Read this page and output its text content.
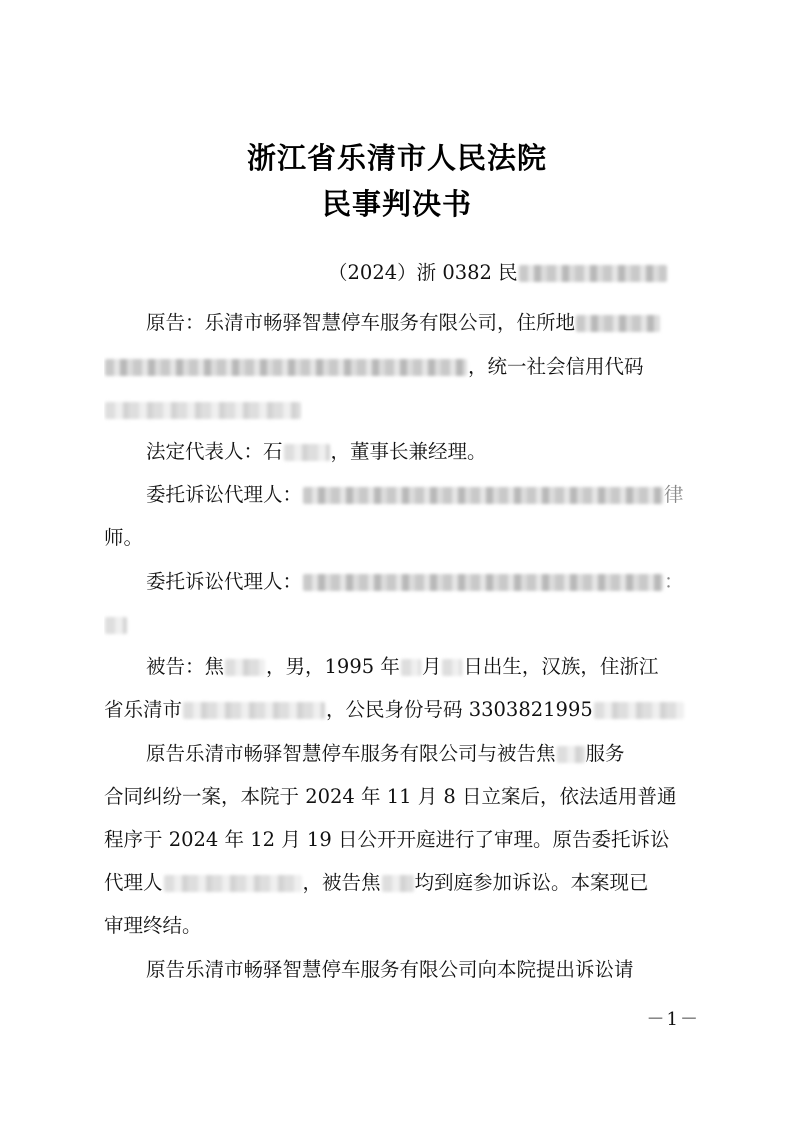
浙江省乐清市人民法院
民事判决书
（2024）浙 0382 民
原告：乐清市畅驿智慧停车服务有限公司，住所地
，统一社会信用代码
法定代表人：石 ，董事长兼经理。
委托诉讼代理人：	律
师。
委托诉讼代理人：	：
被告：焦 ，男，1995 年 月 日出生，汉族，住浙江
省乐清市	，公民身份号码 3303821995
原告乐清市畅驿智慧停车服务有限公司与被告焦 服务
合同纠纷一案，本院于 2024 年 11 月 8 日立案后，依法适用普通
程序于 2024 年 12 月 19 日公开开庭进行了审理。原告委托诉讼
代理人	，被告焦 均到庭参加诉讼。本案现已
审理终结。
原告乐清市畅驿智慧停车服务有限公司向本院提出诉讼请
－1－
